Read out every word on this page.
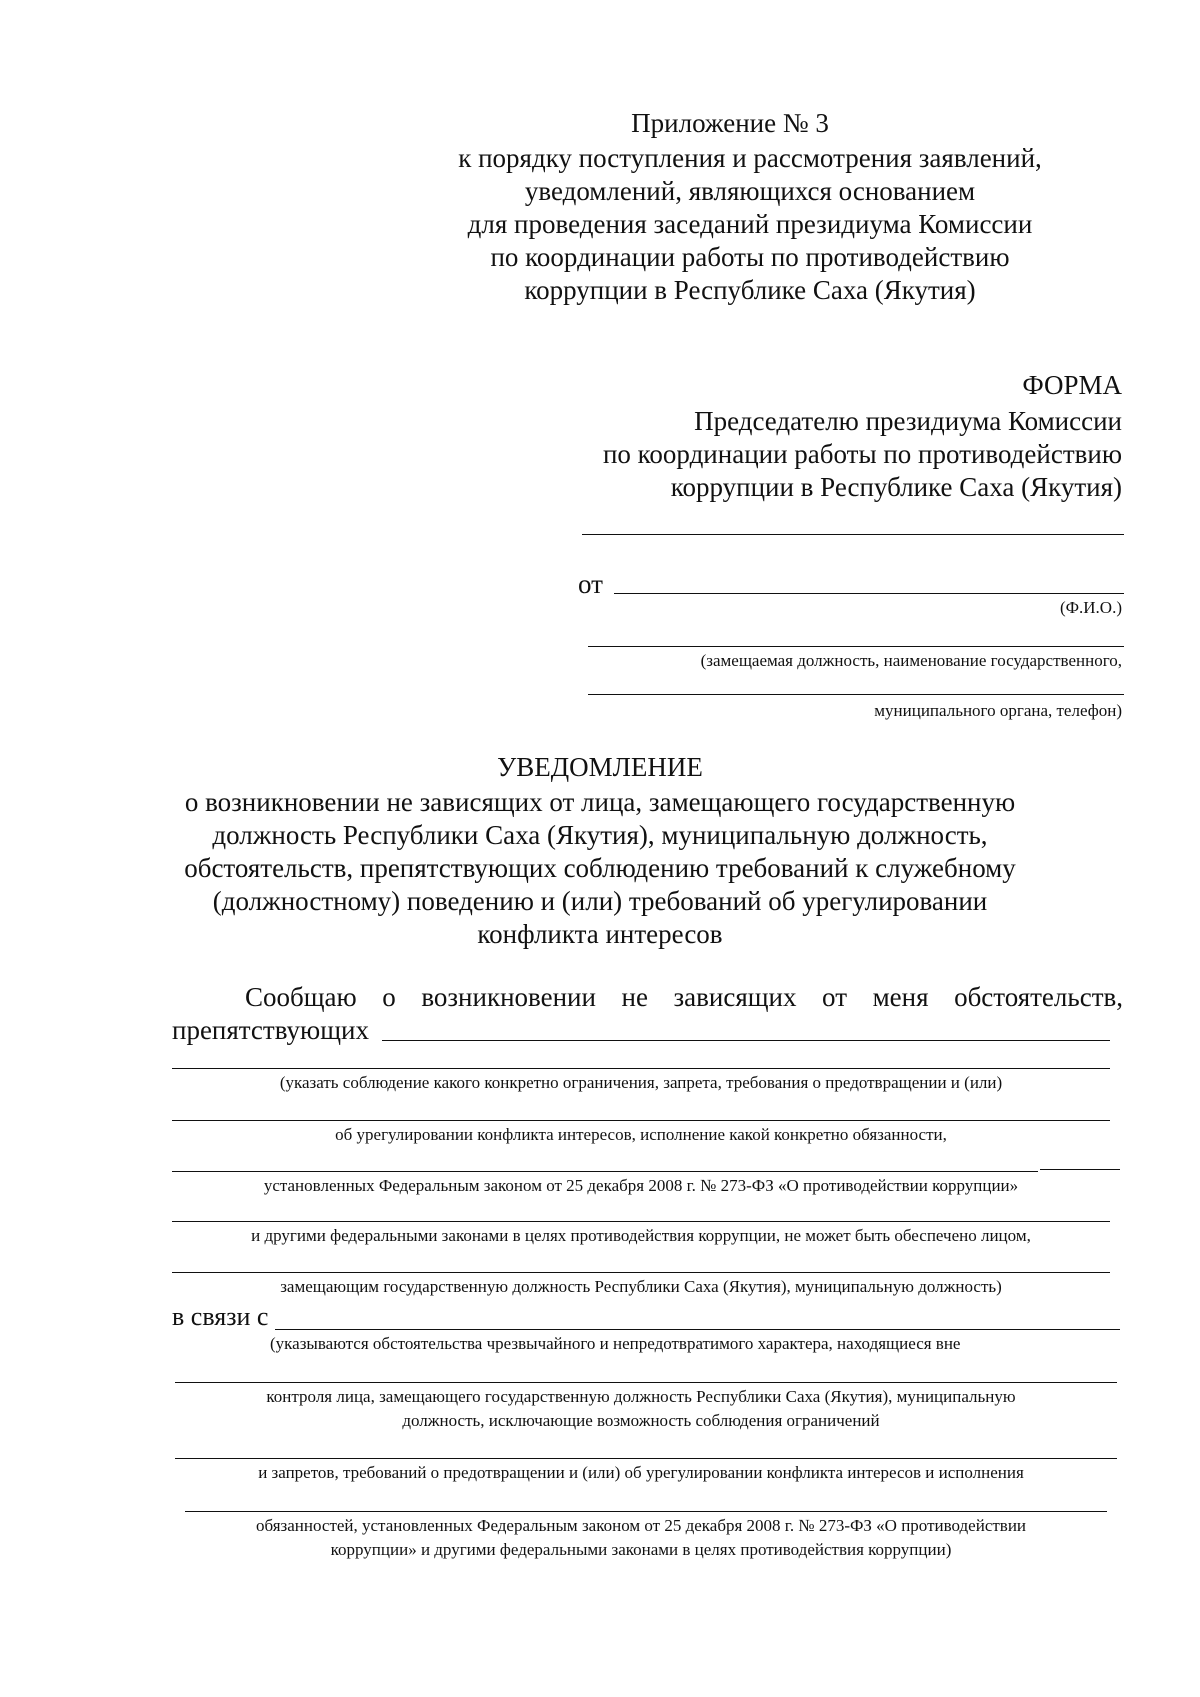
Приложение № 3
к порядку поступления и рассмотрения заявлений,
уведомлений, являющихся основанием
для проведения заседаний президиума Комиссии
по координации работы по противодействию
коррупции в Республике Саха (Якутия)
ФОРМА
Председателю президиума Комиссии
по координации работы по противодействию
коррупции в Республике Саха (Якутия)
от
(Ф.И.О.)
(замещаемая должность, наименование государственного,
муниципального органа, телефон)
УВЕДОМЛЕНИЕ
о возникновении не зависящих от лица, замещающего государственную
должность Республики Саха (Якутия), муниципальную должность,
обстоятельств, препятствующих соблюдению требований к служебному
(должностному) поведению и (или) требований об урегулировании
конфликта интересов
Сообщаю о возникновении не зависящих от меня обстоятельств,
препятствующих
(указать соблюдение какого конкретно ограничения, запрета, требования о предотвращении и (или)
об урегулировании конфликта интересов, исполнение какой конкретно обязанности,
установленных Федеральным законом от 25 декабря 2008 г. № 273-ФЗ «О противодействии коррупции»
и другими федеральными законами в целях противодействия коррупции, не может быть обеспечено лицом,
замещающим государственную должность Республики Саха (Якутия), муниципальную должность)
в связи с
(указываются обстоятельства чрезвычайного и непредотвратимого характера, находящиеся вне
контроля лица, замещающего государственную должность Республики Саха (Якутия), муниципальную
должность, исключающие возможность соблюдения ограничений
и запретов, требований о предотвращении и (или) об урегулировании конфликта интересов и исполнения
обязанностей, установленных Федеральным законом от 25 декабря 2008 г. № 273-ФЗ «О противодействии
коррупции» и другими федеральными законами в целях противодействия коррупции)
